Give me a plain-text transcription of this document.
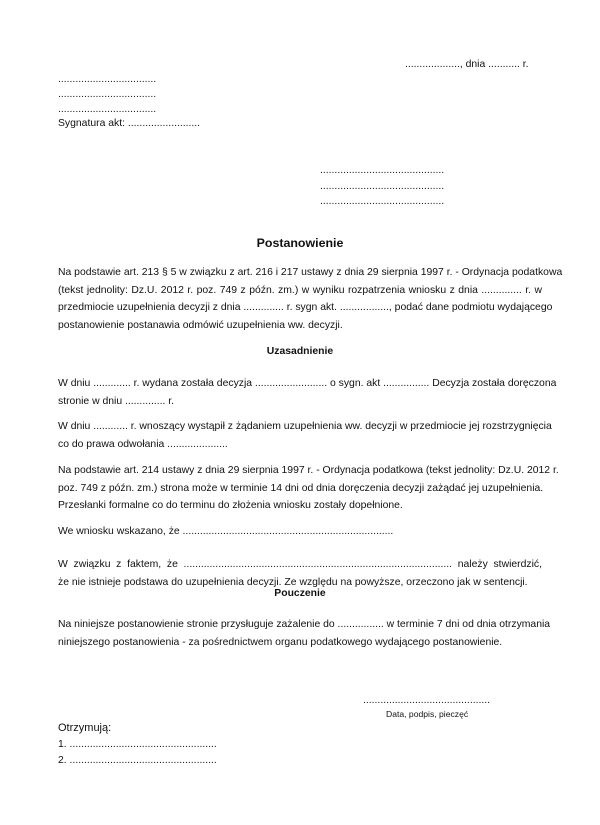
..................., dnia ........... r.
..................................
..................................
..................................
Sygnatura akt: .........................
...........................................
...........................................
...........................................
Postanowienie
Na podstawie art. 213 § 5 w związku z art. 216 i 217 ustawy z dnia 29 sierpnia 1997 r. - Ordynacja podatkowa
(tekst jednolity: Dz.U. 2012 r. poz. 749 z późn. zm.) w wyniku rozpatrzenia wniosku z dnia .............. r. w
przedmiocie uzupełnienia decyzji z dnia .............. r. sygn akt. ................., podać dane podmiotu wydającego
postanowienie postanawia odmówić uzupełnienia ww. decyzji.
Uzasadnienie
W dniu ............. r. wydana została decyzja ......................... o sygn. akt ................ Decyzja została doręczona
stronie w dniu .............. r.
W dniu ............ r. wnoszący wystąpił z żądaniem uzupełnienia ww. decyzji w przedmiocie jej rozstrzygnięcia
co do prawa odwołania .....................
Na podstawie art. 214 ustawy z dnia 29 sierpnia 1997 r. - Ordynacja podatkowa (tekst jednolity: Dz.U. 2012 r.
poz. 749 z późn. zm.) strona może w terminie 14 dni od dnia doręczenia decyzji zażądać jej uzupełnienia.
Przesłanki formalne co do terminu do złożenia wniosku zostały dopełnione.
We wniosku wskazano, że .........................................................................
W związku z faktem, że ............................................................................................. należy stwierdzić,
że nie istnieje podstawa do uzupełnienia decyzji. Ze względu na powyższe, orzeczono jak w sentencji.
Pouczenie
Na niniejsze postanowienie stronie przysługuje zażalenie do ................ w terminie 7 dni od dnia otrzymania
niniejszego postanowienia - za pośrednictwem organu podatkowego wydającego postanowienie.
............................................
Data, podpis, pieczęć
Otrzymują:
1. ...................................................
2. ...................................................
